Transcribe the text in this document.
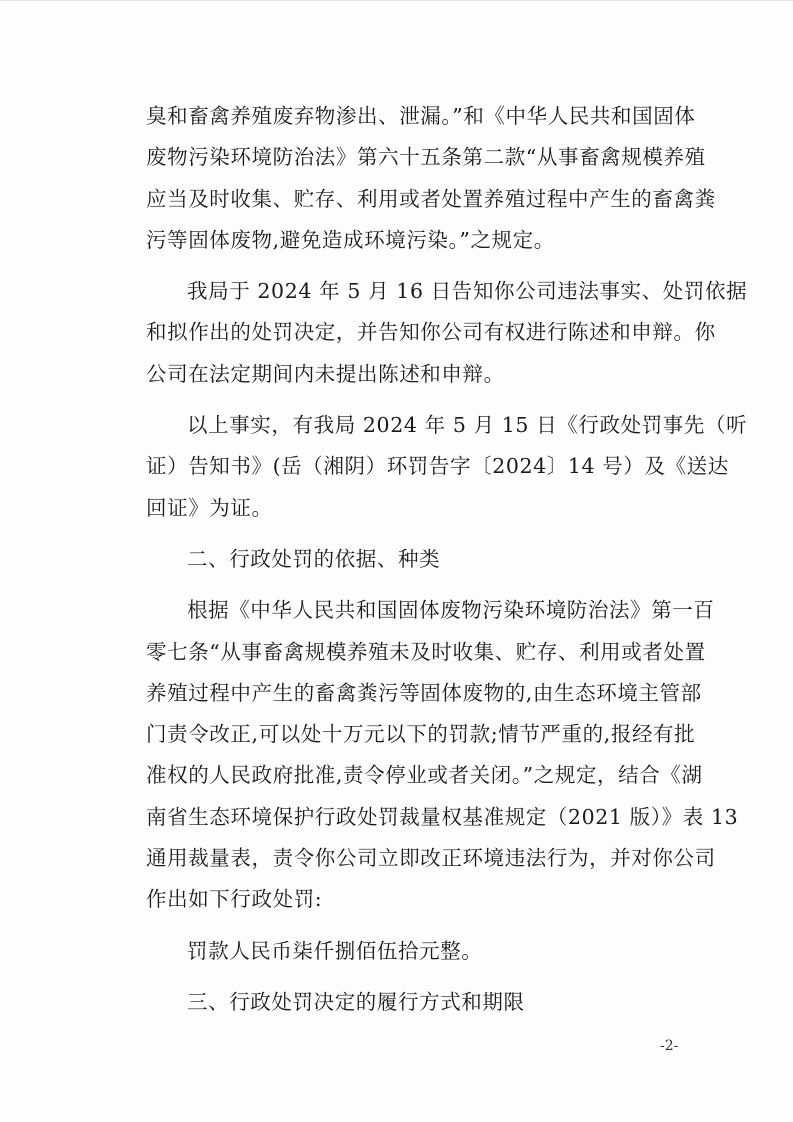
臭和畜禽养殖废弃物渗出、泄漏。”和《中华人民共和国固体
废物污染环境防治法》第六十五条第二款“从事畜禽规模养殖
应当及时收集、贮存、利用或者处置养殖过程中产生的畜禽粪
污等固体废物,避免造成环境污染。”之规定。
我局于 2024 年 5 月 16 日告知你公司违法事实、处罚依据
和拟作出的处罚决定，并告知你公司有权进行陈述和申辩。你
公司在法定期间内未提出陈述和申辩。
以上事实，有我局 2024 年 5 月 15 日《行政处罚事先（听
证）告知书》(岳（湘阴）环罚告字〔2024〕14 号）及《送达
回证》为证。
二、行政处罚的依据、种类
根据《中华人民共和国固体废物污染环境防治法》第一百
零七条“从事畜禽规模养殖未及时收集、贮存、利用或者处置
养殖过程中产生的畜禽粪污等固体废物的,由生态环境主管部
门责令改正,可以处十万元以下的罚款;情节严重的,报经有批
准权的人民政府批准,责令停业或者关闭。”之规定，结合《湖
南省生态环境保护行政处罚裁量权基准规定（2021 版）》表 13
通用裁量表，责令你公司立即改正环境违法行为，并对你公司
作出如下行政处罚:
罚款人民币柒仟捌佰伍拾元整。
三、行政处罚决定的履行方式和期限
-2-
